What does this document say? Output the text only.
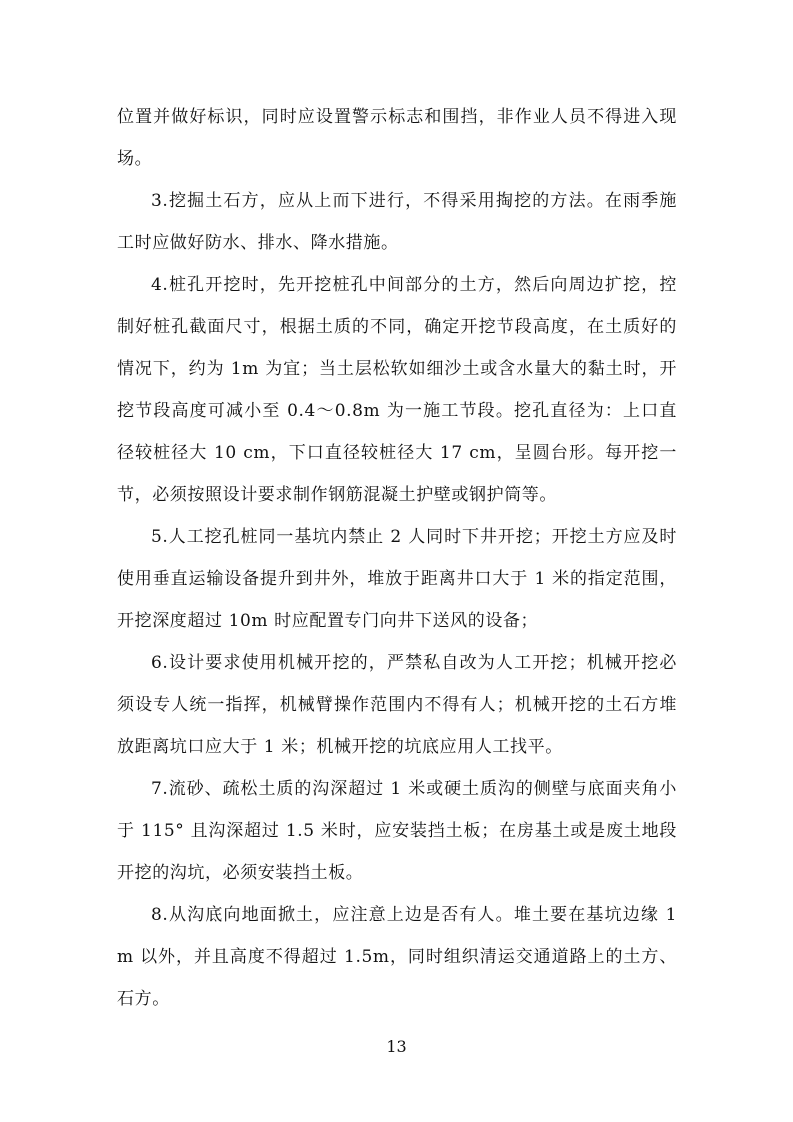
位置并做好标识，同时应设置警示标志和围挡，非作业人员不得进入现场。

3.挖掘土石方，应从上而下进行，不得采用掏挖的方法。在雨季施工时应做好防水、排水、降水措施。

4.桩孔开挖时，先开挖桩孔中间部分的土方，然后向周边扩挖，控制好桩孔截面尺寸，根据土质的不同，确定开挖节段高度，在土质好的情况下，约为 1m 为宜；当土层松软如细沙土或含水量大的黏土时，开挖节段高度可减小至 0.4～0.8m 为一施工节段。挖孔直径为：上口直径较桩径大 10 cm，下口直径较桩径大 17 cm，呈圆台形。每开挖一节，必须按照设计要求制作钢筋混凝土护壁或钢护筒等。

5.人工挖孔桩同一基坑内禁止 2 人同时下井开挖；开挖土方应及时使用垂直运输设备提升到井外，堆放于距离井口大于 1 米的指定范围，开挖深度超过 10m 时应配置专门向井下送风的设备；

6.设计要求使用机械开挖的，严禁私自改为人工开挖；机械开挖必须设专人统一指挥，机械臂操作范围内不得有人；机械开挖的土石方堆放距离坑口应大于 1 米；机械开挖的坑底应用人工找平。

7.流砂、疏松土质的沟深超过 1 米或硬土质沟的侧壁与底面夹角小于 115° 且沟深超过 1.5 米时，应安装挡土板；在房基土或是废土地段开挖的沟坑，必须安装挡土板。

8.从沟底向地面掀土，应注意上边是否有人。堆土要在基坑边缘 1m 以外，并且高度不得超过 1.5m，同时组织清运交通道路上的土方、石方。

13
